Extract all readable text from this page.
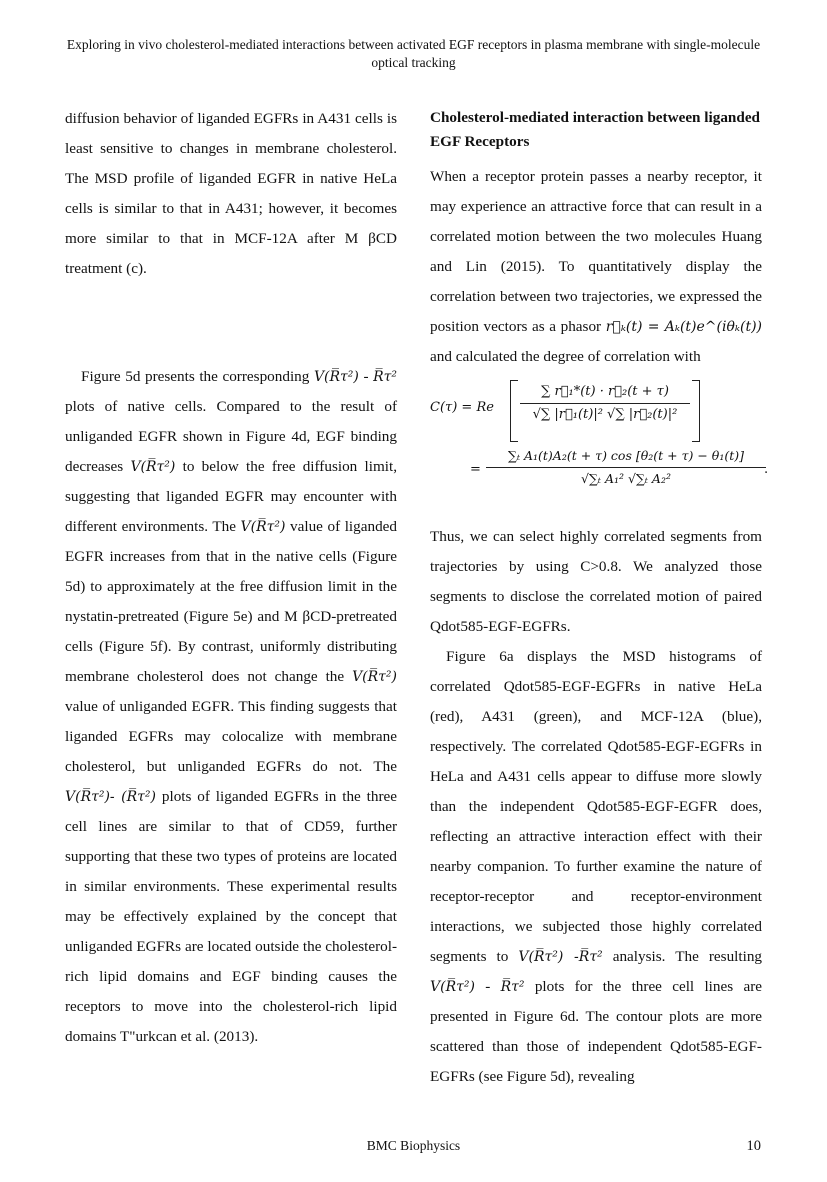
Exploring in vivo cholesterol-mediated interactions between activated EGF receptors in plasma membrane with single-molecule optical tracking

diffusion behavior of liganded EGFRs in A431 cells is least sensitive to changes in membrane cholesterol. The MSD profile of liganded EGFR in native HeLa cells is similar to that in A431; however, it becomes more similar to that in MCF-12A after M βCD treatment (c).

Figure 5d presents the corresponding V(R̅τ²) - R̅τ² plots of native cells. Compared to the result of unliganded EGFR shown in Figure 4d, EGF binding decreases V(R̅τ²) to below the free diffusion limit, suggesting that liganded EGFR may encounter with different environments. The V(R̅τ²) value of liganded EGFR increases from that in the native cells (Figure 5d) to approximately at the free diffusion limit in the nystatin-pretreated (Figure 5e) and M βCD-pretreated cells (Figure 5f). By contrast, uniformly distributing membrane cholesterol does not change the V(R̅τ²) value of unliganded EGFR. This finding suggests that liganded EGFRs may colocalize with membrane cholesterol, but unliganded EGFRs do not. The V(R̅τ²)- (R̅τ²) plots of liganded EGFRs in the three cell lines are similar to that of CD59, further supporting that these two types of proteins are located in similar environments. These experimental results may be effectively explained by the concept that unliganded EGFRs are located outside the cholesterol-rich lipid domains and EGF binding causes the receptors to move into the cholesterol-rich lipid domains T"urkcan et al. (2013).

Cholesterol-mediated interaction between liganded EGF Receptors

When a receptor protein passes a nearby receptor, it may experience an attractive force that can result in a correlated motion between the two molecules Huang and Lin (2015). To quantitatively display the correlation between two trajectories, we expressed the position vectors as a phasor r⃗ₖ(t) = Aₖ(t)e^(iθₖ(t)) and calculated the degree of correlation with

C(τ) = Re
∑ r⃗₁*(t) · r⃗₂(t + τ)
√∑ |r⃗₁(t)|² √∑ |r⃗₂(t)|²
=
∑ₜ A₁(t)A₂(t + τ) cos [θ₂(t + τ) − θ₁(t)]
√∑ₜ A₁² √∑ₜ A₂²
.

Thus, we can select highly correlated segments from trajectories by using C>0.8. We analyzed those segments to disclose the correlated motion of paired Qdot585-EGF-EGFRs.

Figure 6a displays the MSD histograms of correlated Qdot585-EGF-EGFRs in native HeLa (red), A431 (green), and MCF-12A (blue), respectively. The correlated Qdot585-EGF-EGFRs in HeLa and A431 cells appear to diffuse more slowly than the independent Qdot585-EGF-EGFR does, reflecting an attractive interaction effect with their nearby companion. To further examine the nature of receptor-receptor and receptor-environment interactions, we subjected those highly correlated segments to V(R̅τ²) -R̅τ² analysis. The resulting V(R̅τ²) - R̅τ² plots for the three cell lines are presented in Figure 6d. The contour plots are more scattered than those of independent Qdot585-EGF-EGFRs (see Figure 5d), revealing

BMC Biophysics	10
